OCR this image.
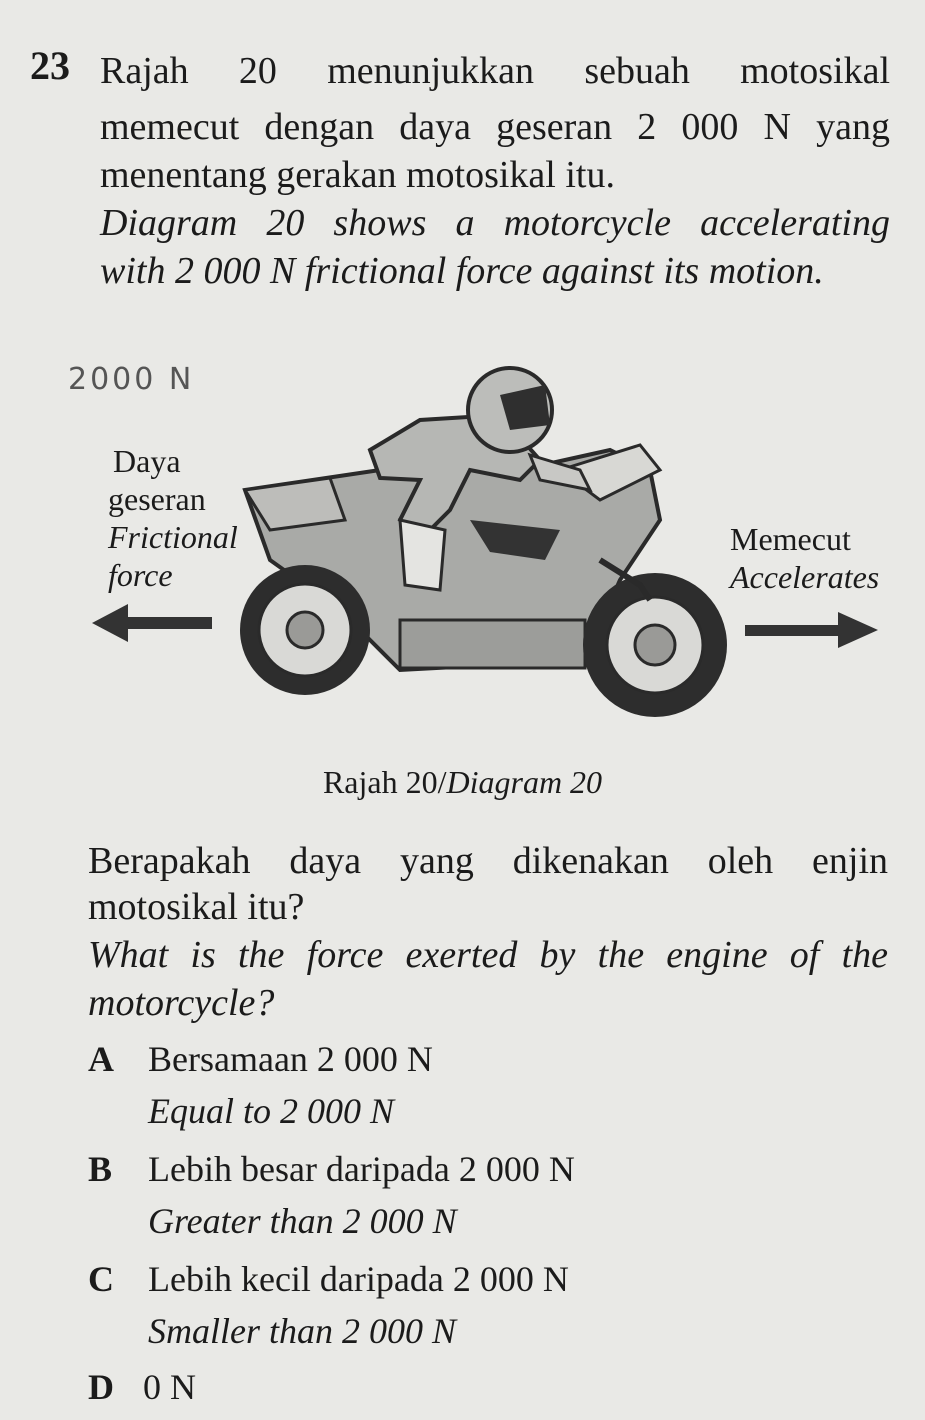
23 Rajah 20 menunjukkan sebuah motosikal
memecut dengan daya geseran 2 000 N yang
menentang gerakan motosikal itu.
Diagram 20 shows a motorcycle accelerating
with 2 000 N frictional force against its motion.
2000 N
Daya
geseran
Frictional
force
Memecut
Accelerates
Rajah 20/Diagram 20
Berapakah daya yang dikenakan oleh enjin
motosikal itu?
What is the force exerted by the engine of the
motorcycle?
A Bersamaan 2 000 N
Equal to 2 000 N
B Lebih besar daripada 2 000 N
Greater than 2 000 N
C Lebih kecil daripada 2 000 N
Smaller than 2 000 N
D 0 N
